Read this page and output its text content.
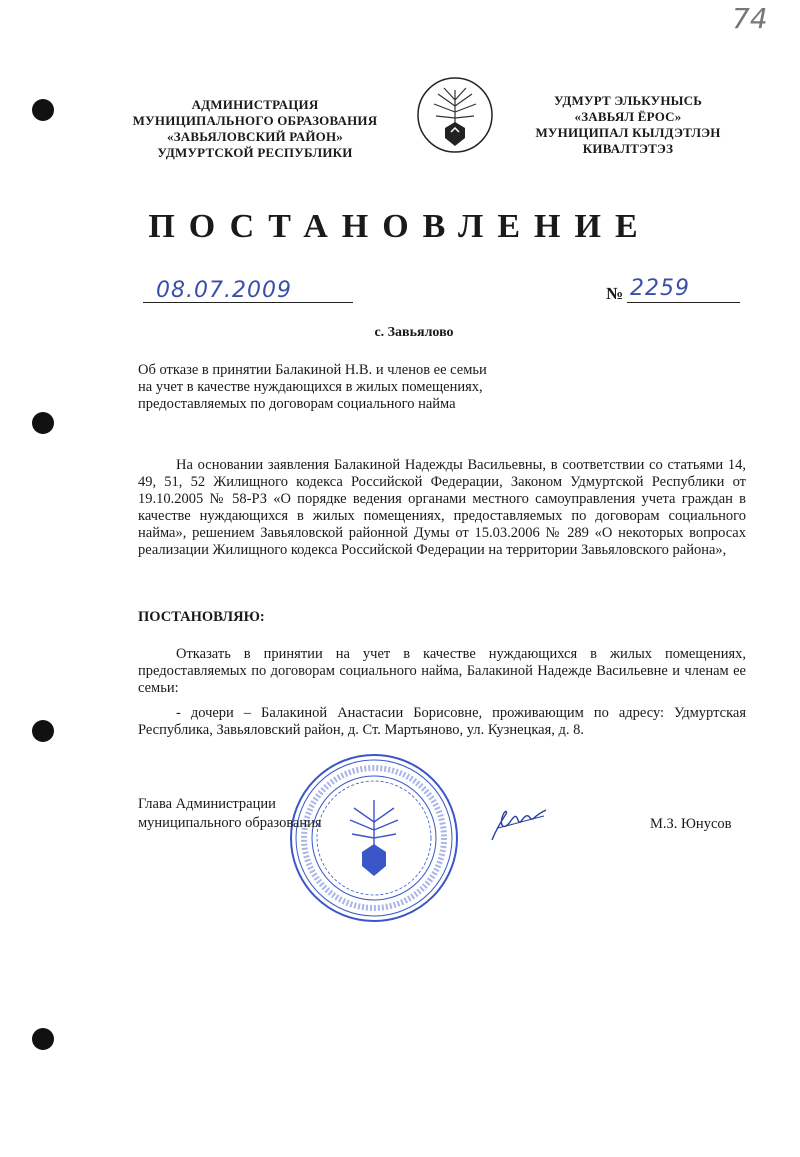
74
АДМИНИСТРАЦИЯ
МУНИЦИПАЛЬНОГО ОБРАЗОВАНИЯ
«ЗАВЬЯЛОВСКИЙ РАЙОН»
УДМУРТСКОЙ РЕСПУБЛИКИ
УДМУРТ ЭЛЬКУНЫСЬ
«ЗАВЬЯЛ ЁРОС»
МУНИЦИПАЛ КЫЛДЭТЛЭН
КИВАЛТЭТЭЗ
ПОСТАНОВЛЕНИЕ
08.07.2009	№ 2259
с. Завьялово
Об отказе в принятии Балакиной Н.В. и членов ее семьи
на учет в качестве нуждающихся в жилых помещениях,
предоставляемых по договорам социального найма
На основании заявления Балакиной Надежды Васильевны, в соответствии со статьями 14, 49, 51, 52 Жилищного кодекса Российской Федерации, Законом Удмуртской Республики от 19.10.2005 № 58-РЗ «О порядке ведения органами местного самоуправления учета граждан в качестве нуждающихся в жилых помещениях, предоставляемых по договорам социального найма», решением Завьяловской районной Думы от 15.03.2006 № 289 «О некоторых вопросах реализации Жилищного кодекса Российской Федерации на территории Завьяловского района»,
ПОСТАНОВЛЯЮ:
Отказать в принятии на учет в качестве нуждающихся в жилых помещениях, предоставляемых по договорам социального найма, Балакиной Надежде Васильевне и членам ее семьи:
- дочери – Балакиной Анастасии Борисовне, проживающим по адресу: Удмуртская Республика, Завьяловский район, д. Ст. Мартьяново, ул. Кузнецкая, д. 8.
Глава Администрации
муниципального образования	М.З. Юнусов
